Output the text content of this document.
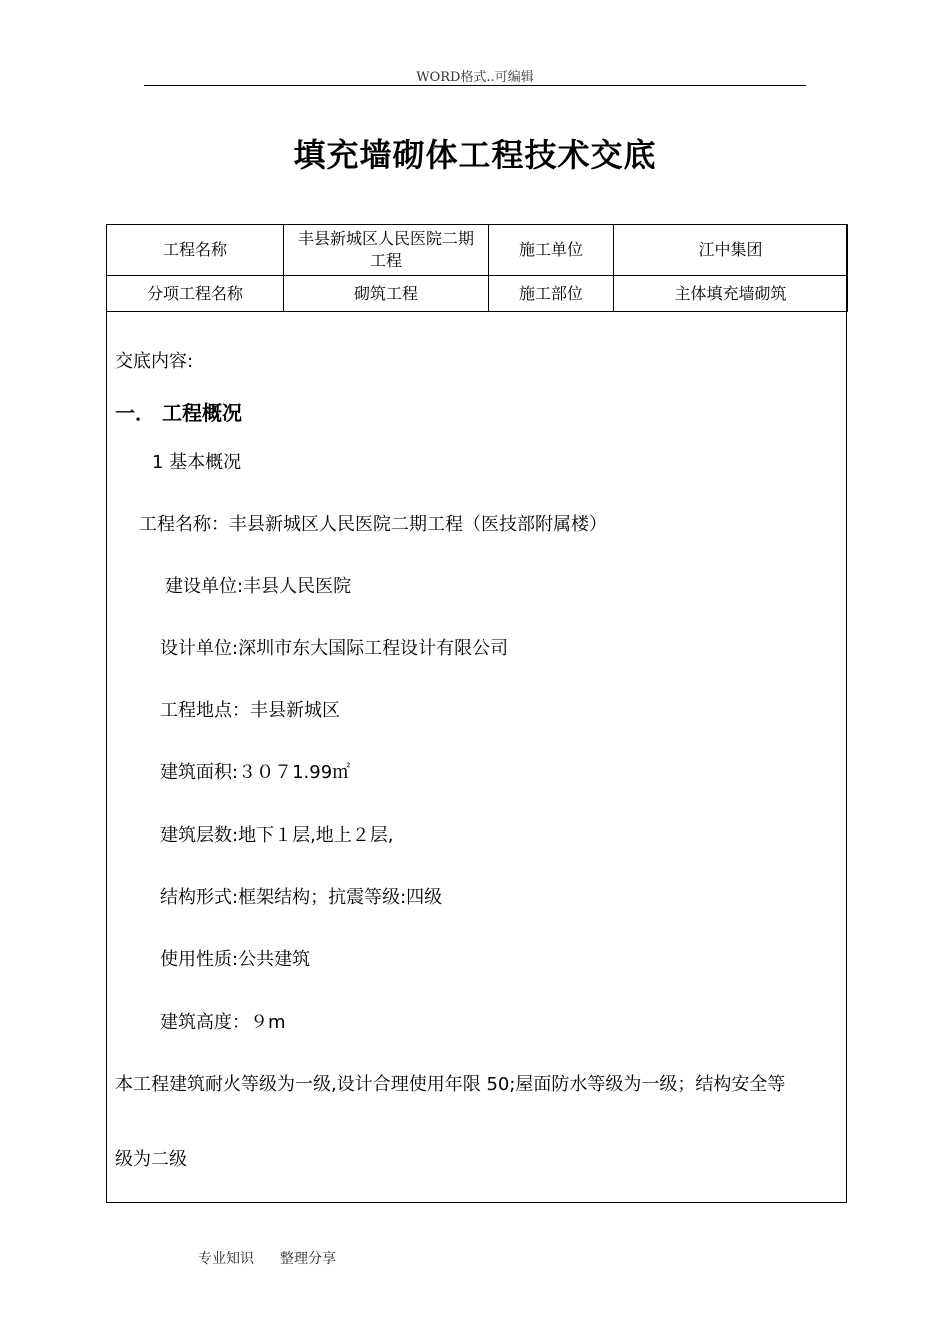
WORD格式..可编辑
填充墙砌体工程技术交底
工程名称	丰县新城区人民医院二期工程	施工单位	江中集团
分项工程名称	砌筑工程	施工部位	主体填充墙砌筑
交底内容:
一． 工程概况
1 基本概况
工程名称：丰县新城区人民医院二期工程（医技部附属楼）
建设单位:丰县人民医院
设计单位:深圳市东大国际工程设计有限公司
工程地点：丰县新城区
建筑面积:３０７1.99㎡
建筑层数:地下１层,地上２层,
结构形式:框架结构；抗震等级:四级
使用性质:公共建筑
建筑高度：９m
本工程建筑耐火等级为一级,设计合理使用年限 50;屋面防水等级为一级；结构安全等
级为二级
专业知识 整理分享
